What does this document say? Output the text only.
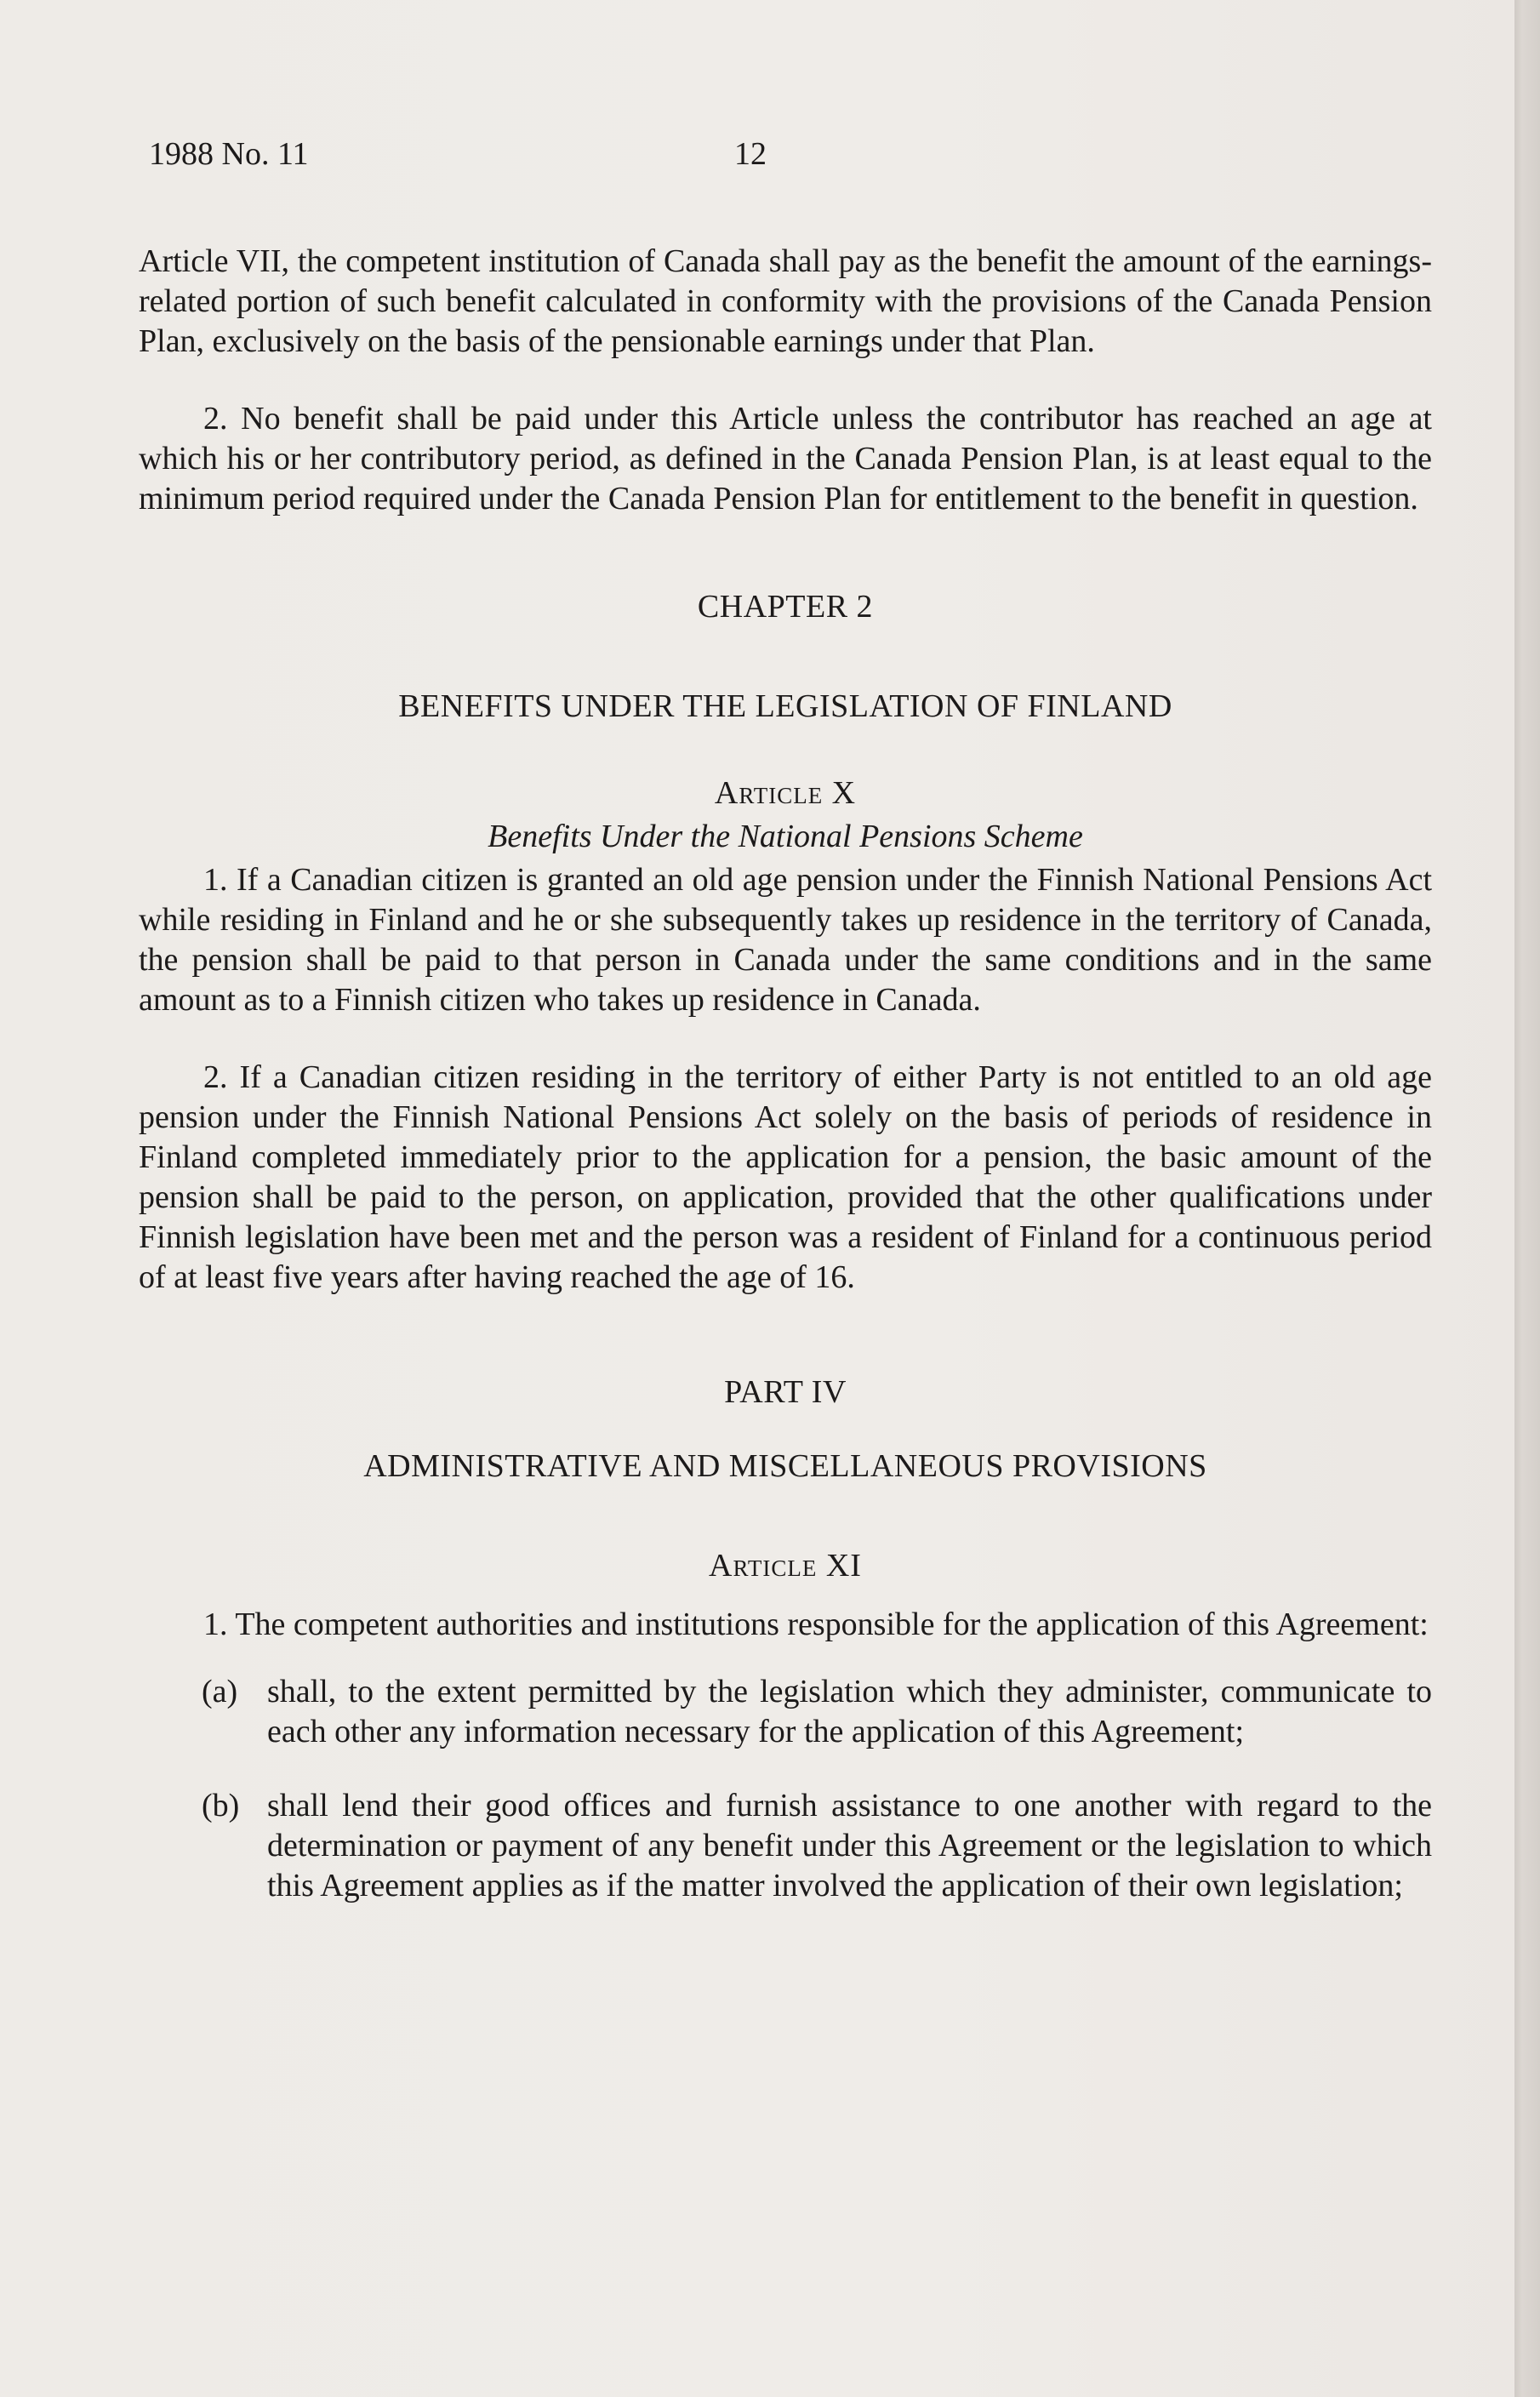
1988 No. 11	12

Article VII, the competent institution of Canada shall pay as the benefit the amount of the earnings-related portion of such benefit calculated in conformity with the provisions of the Canada Pension Plan, exclusively on the basis of the pensionable earnings under that Plan.

2. No benefit shall be paid under this Article unless the contributor has reached an age at which his or her contributory period, as defined in the Canada Pension Plan, is at least equal to the minimum period required under the Canada Pension Plan for entitlement to the benefit in question.

CHAPTER 2
BENEFITS UNDER THE LEGISLATION OF FINLAND
Article X
Benefits Under the National Pensions Scheme

1. If a Canadian citizen is granted an old age pension under the Finnish National Pensions Act while residing in Finland and he or she subsequently takes up residence in the territory of Canada, the pension shall be paid to that person in Canada under the same conditions and in the same amount as to a Finnish citizen who takes up residence in Canada.

2. If a Canadian citizen residing in the territory of either Party is not entitled to an old age pension under the Finnish National Pensions Act solely on the basis of periods of residence in Finland completed immediately prior to the application for a pension, the basic amount of the pension shall be paid to the person, on application, provided that the other qualifications under Finnish legislation have been met and the person was a resident of Finland for a continuous period of at least five years after having reached the age of 16.

PART IV
ADMINISTRATIVE AND MISCELLANEOUS PROVISIONS
Article XI

1. The competent authorities and institutions responsible for the application of this Agreement:

(a) shall, to the extent permitted by the legislation which they administer, communicate to each other any information necessary for the application of this Agreement;
(b) shall lend their good offices and furnish assistance to one another with regard to the determination or payment of any benefit under this Agreement or the legislation to which this Agreement applies as if the matter involved the application of their own legislation;
